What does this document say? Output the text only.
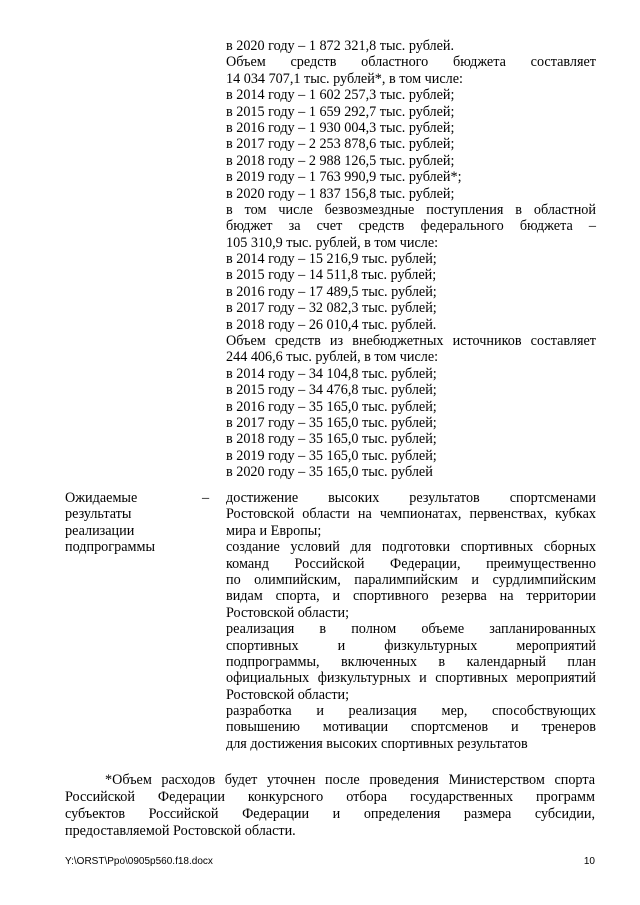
в 2020 году – 1 872 321,8 тыс. рублей.
Объем средств областного бюджета составляет
14 034 707,1 тыс. рублей*, в том числе:
в 2014 году – 1 602 257,3 тыс. рублей;
в 2015 году – 1 659 292,7 тыс. рублей;
в 2016 году – 1 930 004,3 тыс. рублей;
в 2017 году – 2 253 878,6 тыс. рублей;
в 2018 году – 2 988 126,5 тыс. рублей;
в 2019 году – 1 763 990,9 тыс. рублей*;
в 2020 году – 1 837 156,8 тыс. рублей;
в том числе безвозмездные поступления в областной
бюджет за счет средств федерального бюджета –
105 310,9 тыс. рублей, в том числе:
в 2014 году – 15 216,9 тыс. рублей;
в 2015 году – 14 511,8 тыс. рублей;
в 2016 году – 17 489,5 тыс. рублей;
в 2017 году – 32 082,3 тыс. рублей;
в 2018 году – 26 010,4 тыс. рублей.
Объем средств из внебюджетных источников составляет
244 406,6 тыс. рублей, в том числе:
в 2014 году – 34 104,8 тыс. рублей;
в 2015 году – 34 476,8 тыс. рублей;
в 2016 году – 35 165,0 тыс. рублей;
в 2017 году – 35 165,0 тыс. рублей;
в 2018 году – 35 165,0 тыс. рублей;
в 2019 году – 35 165,0 тыс. рублей;
в 2020 году – 35 165,0 тыс. рублей
Ожидаемые
результаты
реализации
подпрограммы
– достижение высоких результатов спортсменами
Ростовской области на чемпионатах, первенствах, кубках
мира и Европы;
создание условий для подготовки спортивных сборных
команд Российской Федерации, преимущественно
по олимпийским, паралимпийским и сурдлимпийским
видам спорта, и спортивного резерва на территории
Ростовской области;
реализация в полном объеме запланированных
спортивных и физкультурных мероприятий
подпрограммы, включенных в календарный план
официальных физкультурных и спортивных мероприятий
Ростовской области;
разработка и реализация мер, способствующих
повышению мотивации спортсменов и тренеров
для достижения высоких спортивных результатов
*Объем расходов будет уточнен после проведения Министерством спорта
Российской Федерации конкурсного отбора государственных программ
субъектов Российской Федерации и определения размера субсидии,
предоставляемой Ростовской области.
Y:\ORST\Ppo\0905p560.f18.docx	10
